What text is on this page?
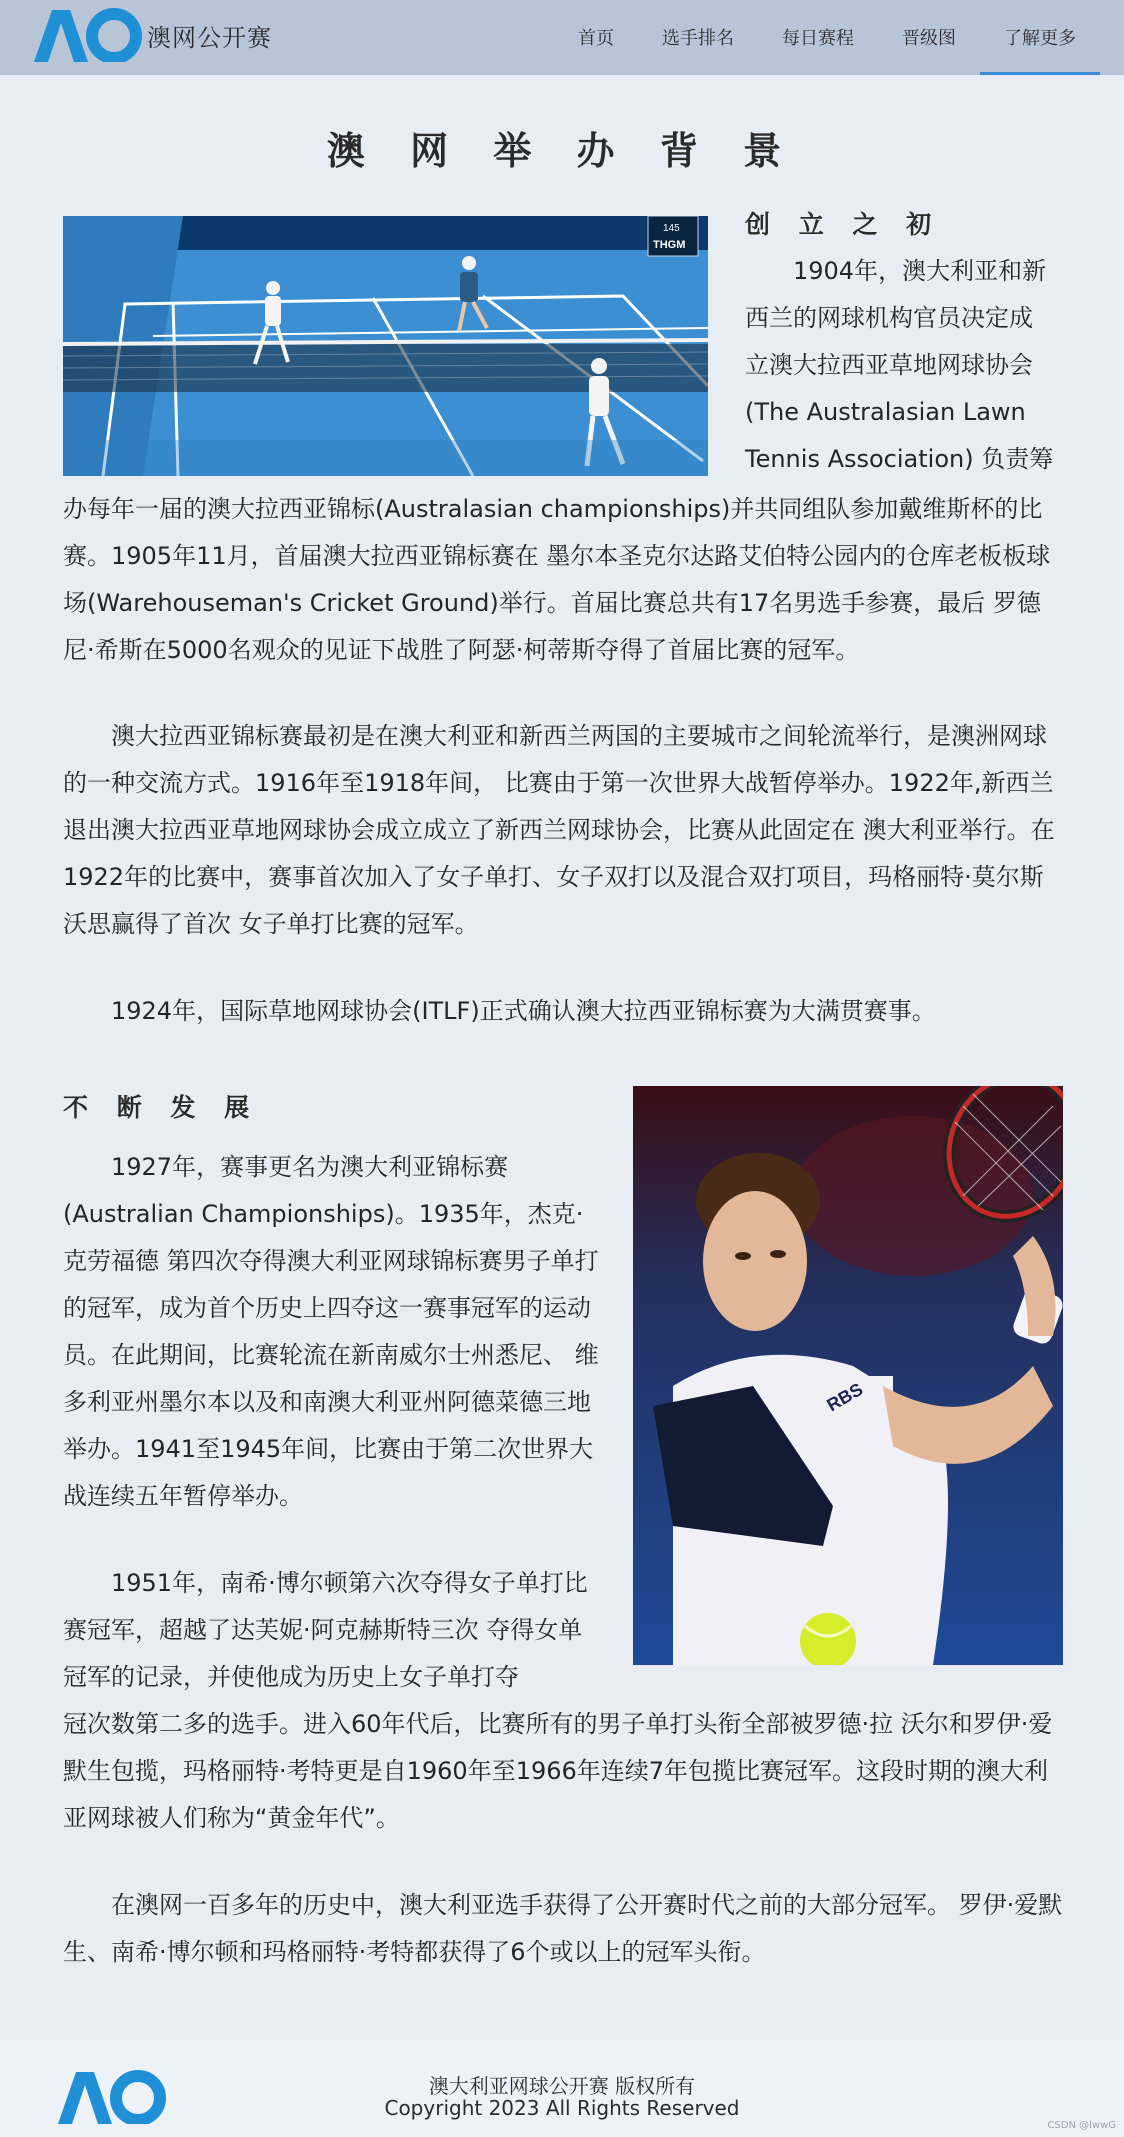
澳网公开赛	首页	选手排名	每日赛程	晋级图	了解更多
澳 网 举 办 背 景
145
THGM
创 立 之 初
1904年，澳大利亚和新
西兰的网球机构官员决定成
立澳大拉西亚草地网球协会
(The Australasian Lawn
Tennis Association) 负责筹
办每年一届的澳大拉西亚锦标(Australasian championships)并共同组队参加戴维斯杯的比赛。1905年11月，首届澳大拉西亚锦标赛在 墨尔本圣克尔达路艾伯特公园内的仓库老板板球场(Warehouseman's Cricket Ground)举行。首届比赛总共有17名男选手参赛，最后 罗德尼·希斯在5000名观众的见证下战胜了阿瑟·柯蒂斯夺得了首届比赛的冠军。
澳大拉西亚锦标赛最初是在澳大利亚和新西兰两国的主要城市之间轮流举行，是澳洲网球的一种交流方式。1916年至1918年间， 比赛由于第一次世界大战暂停举办。1922年,新西兰退出澳大拉西亚草地网球协会成立成立了新西兰网球协会，比赛从此固定在 澳大利亚举行。在1922年的比赛中，赛事首次加入了女子单打、女子双打以及混合双打项目，玛格丽特·莫尔斯沃思赢得了首次 女子单打比赛的冠军。
1924年，国际草地网球协会(ITLF)正式确认澳大拉西亚锦标赛为大满贯赛事。
不 断 发 展
RBS
1927年，赛事更名为澳大利亚锦标赛(Australian Championships)。1935年，杰克·克劳福德 第四次夺得澳大利亚网球锦标赛男子单打的冠军，成为首个历史上四夺这一赛事冠军的运动员。在此期间，比赛轮流在新南威尔士州悉尼、 维多利亚州墨尔本以及和南澳大利亚州阿德菜德三地举办。1941至1945年间，比赛由于第二次世界大战连续五年暂停举办。
1951年，南希·博尔顿第六次夺得女子单打比赛冠军，超越了达芙妮·阿克赫斯特三次 夺得女单冠军的记录，并使他成为历史上女子单打夺
冠次数第二多的选手。进入60年代后，比赛所有的男子单打头衔全部被罗德·拉 沃尔和罗伊·爱默生包揽，玛格丽特·考特更是自1960年至1966年连续7年包揽比赛冠军。这段时期的澳大利亚网球被人们称为“黄金年代”。
在澳网一百多年的历史中，澳大利亚选手获得了公开赛时代之前的大部分冠军。 罗伊·爱默生、南希·博尔顿和玛格丽特·考特都获得了6个或以上的冠军头衔。
澳大利亚网球公开赛 版权所有
Copyright 2023 All Rights Reserved
CSDN @lwwG
